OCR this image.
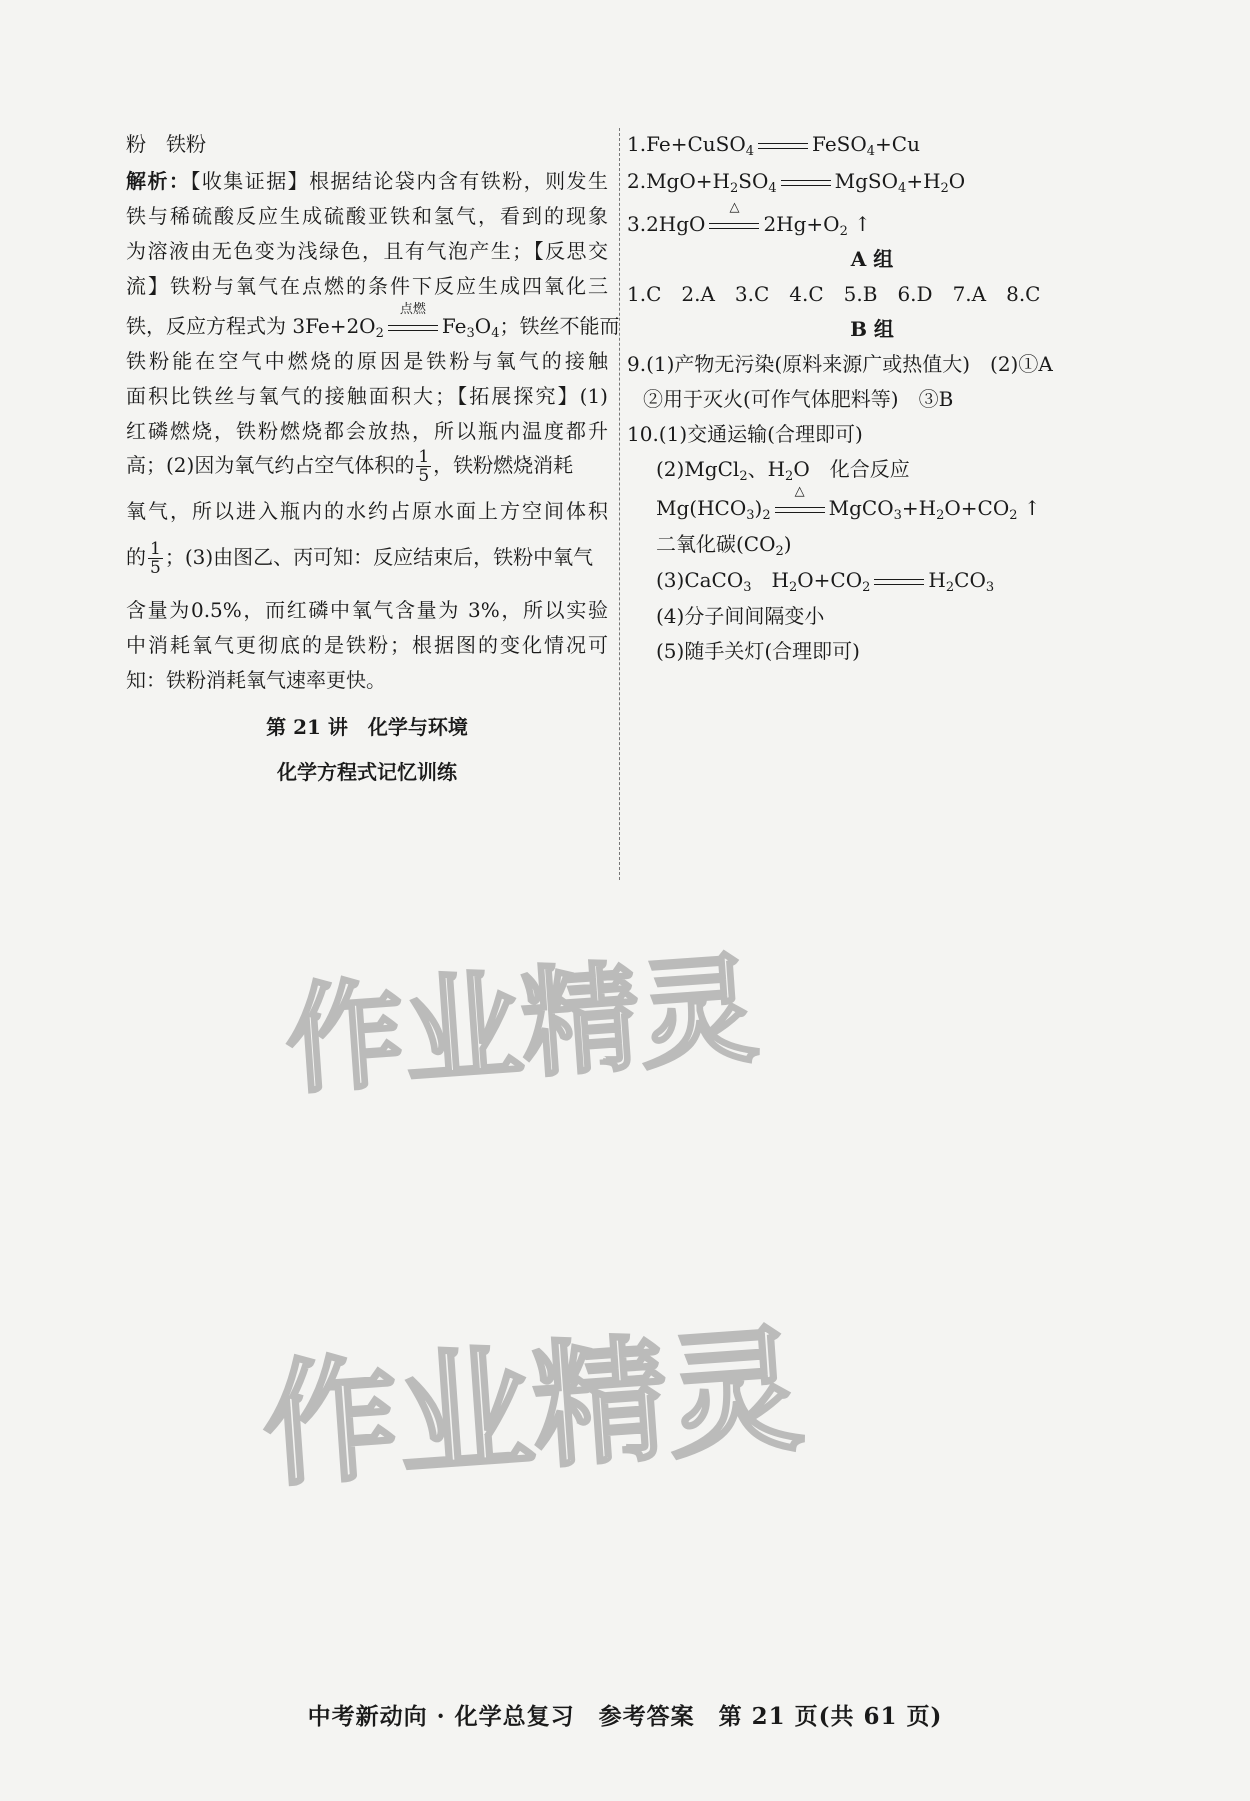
粉　铁粉
解析：【收集证据】根据结论袋内含有铁粉，则发生
铁与稀硫酸反应生成硫酸亚铁和氢气，看到的现象
为溶液由无色变为浅绿色，且有气泡产生；【反思交
流】铁粉与氧气在点燃的条件下反应生成四氧化三
铁，反应方程式为 $3Fe+2O_2$
点燃
$Fe_3O_4$；铁丝不能而
铁粉能在空气中燃烧的原因是铁粉与氧气的接触
面积比铁丝与氧气的接触面积大；【拓展探究】(1)
红磷燃烧，铁粉燃烧都会放热，所以瓶内温度都升
高；(2)因为氧气约占空气体积的 $\frac{1}{5}$ ，铁粉燃烧消耗
氧气，所以进入瓶内的水约占原水面上方空间体积
的 $\frac{1}{5}$ ；(3)由图乙、丙可知：反应结束后，铁粉中氧气
含量为0.5%，而红磷中氧气含量为 3%，所以实验
中消耗氧气更彻底的是铁粉；根据图的变化情况可
知：铁粉消耗氧气速率更快。
第 21 讲　化学与环境
化学方程式记忆训练
1.Fe+CuSO$_4$	FeSO$_4$+Cu
$2.MgO+H_2SO_4$	$MgSO_4+H_2O$
3.2HgO
△
$2Hg+O_2$ ↑
A 组
1.C　2.A　3.C　4.C　5.B　6.D　7.A　8.C
B 组
9.(1)产物无污染(原料来源广或热值大)　(2)①A
②用于灭火(可作气体肥料等)　③B
10.(1)交通运输(合理即可)
(2)MgCl$_2$、$H_2O$　化合反应
$Mg(HCO_3)_2$
△
$MgCO_3+H_2O+CO_2$ ↑
二氧化碳$(CO_2)$
(3)CaCO$_3$　$H_2O+CO_2$	$H_2CO_3$
(4)分子间间隔变小
(5)随手关灯(合理即可)
作业精灵
作业精灵
中考新动向 · 化学总复习　参考答案　第 21 页(共 61 页)
